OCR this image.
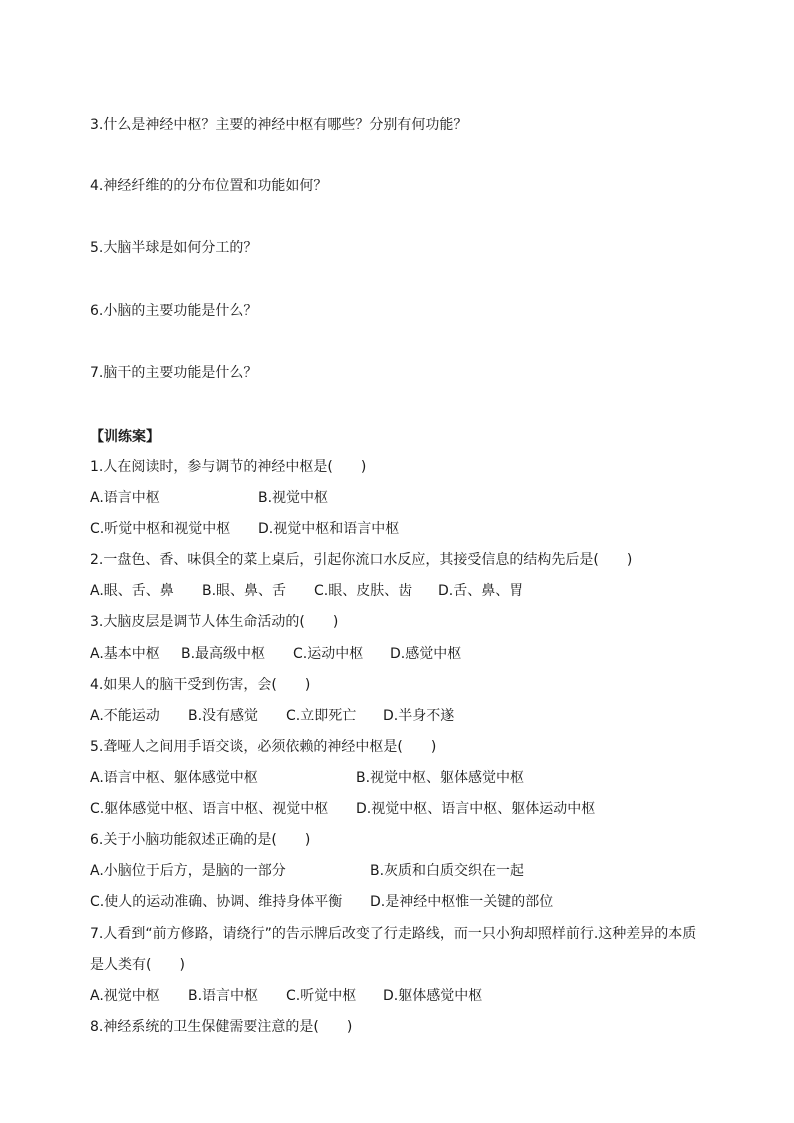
3.什么是神经中枢？主要的神经中枢有哪些？分别有何功能？
4.神经纤维的的分布位置和功能如何？
5.大脑半球是如何分工的？
6.小脑的主要功能是什么？
7.脑干的主要功能是什么？
【训练案】
1.人在阅读时，参与调节的神经中枢是(　　)
A.语言中枢	B.视觉中枢
C.听觉中枢和视觉中枢 D.视觉中枢和语言中枢
2.一盘色、香、味俱全的菜上桌后，引起你流口水反应，其接受信息的结构先后是(　　)
A.眼、舌、鼻 B.眼、鼻、舌 C.眼、皮肤、齿 D.舌、鼻、胃
3.大脑皮层是调节人体生命活动的(　　)
A.基本中枢 B.最高级中枢 C.运动中枢 D.感觉中枢
4.如果人的脑干受到伤害，会(　　)
A.不能运动 B.没有感觉 C.立即死亡 D.半身不遂
5.聋哑人之间用手语交谈，必须依赖的神经中枢是(　　)
A.语言中枢、躯体感觉中枢	B.视觉中枢、躯体感觉中枢
C.躯体感觉中枢、语言中枢、视觉中枢 D.视觉中枢、语言中枢、躯体运动中枢
6.关于小脑功能叙述正确的是(　　)
A.小脑位于后方，是脑的一部分	B.灰质和白质交织在一起
C.使人的运动准确、协调、维持身体平衡 D.是神经中枢惟一关键的部位
7.人看到“前方修路，请绕行”的告示牌后改变了行走路线，而一只小狗却照样前行.这种差异的本质
是人类有(　　)
A.视觉中枢 B.语言中枢 C.听觉中枢 D.躯体感觉中枢
8.神经系统的卫生保健需要注意的是(　　)
